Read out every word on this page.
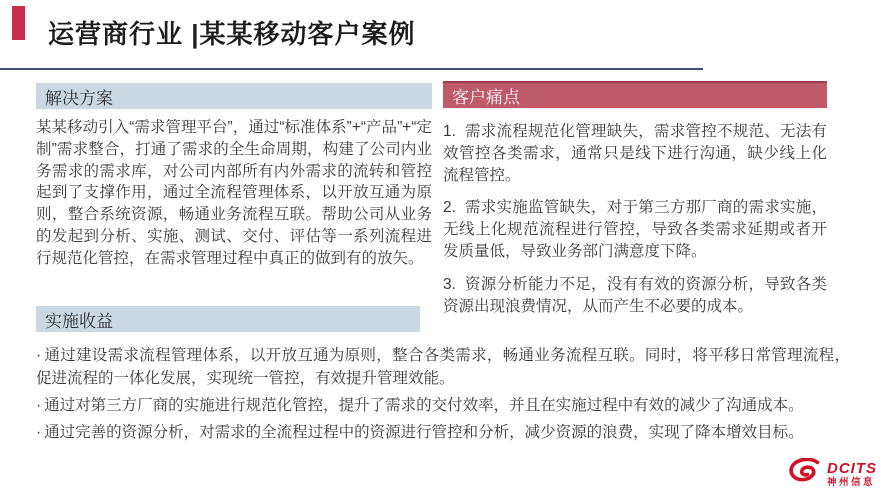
运营商行业 |某某移动客户案例
解决方案
某某移动引入“需求管理平台”，通过“标准体系”+“产品”+“定制”需求整合，打通了需求的全生命周期，构建了公司内业务需求的需求库，对公司内部所有内外需求的流转和管控起到了支撑作用，通过全流程管理体系，以开放互通为原则，整合系统资源，畅通业务流程互联。帮助公司从业务的发起到分析、实施、测试、交付、评估等一系列流程进行规范化管控，在需求管理过程中真正的做到有的放矢。
客户痛点

1.  需求流程规范化管理缺失，需求管控不规范、无法有效管控各类需求，通常只是线下进行沟通，缺少线上化流程管控。

2.  需求实施监管缺失，对于第三方那厂商的需求实施，无线上化规范流程进行管控，导致各类需求延期或者开发质量低，导致业务部门满意度下降。

3.  资源分析能力不足，没有有效的资源分析，导致各类资源出现浪费情况，从而产生不必要的成本。

实施收益

· 通过建设需求流程管理体系，以开放互通为原则，整合各类需求，畅通业务流程互联。同时，将平移日常管理流程，促进流程的一体化发展，实现统一管控，有效提升管理效能。

· 通过对第三方厂商的实施进行规范化管控，提升了需求的交付效率，并且在实施过程中有效的减少了沟通成本。

· 通过完善的资源分析，对需求的全流程过程中的资源进行管控和分析，减少资源的浪费，实现了降本增效目标。

DCITS
神州信息
